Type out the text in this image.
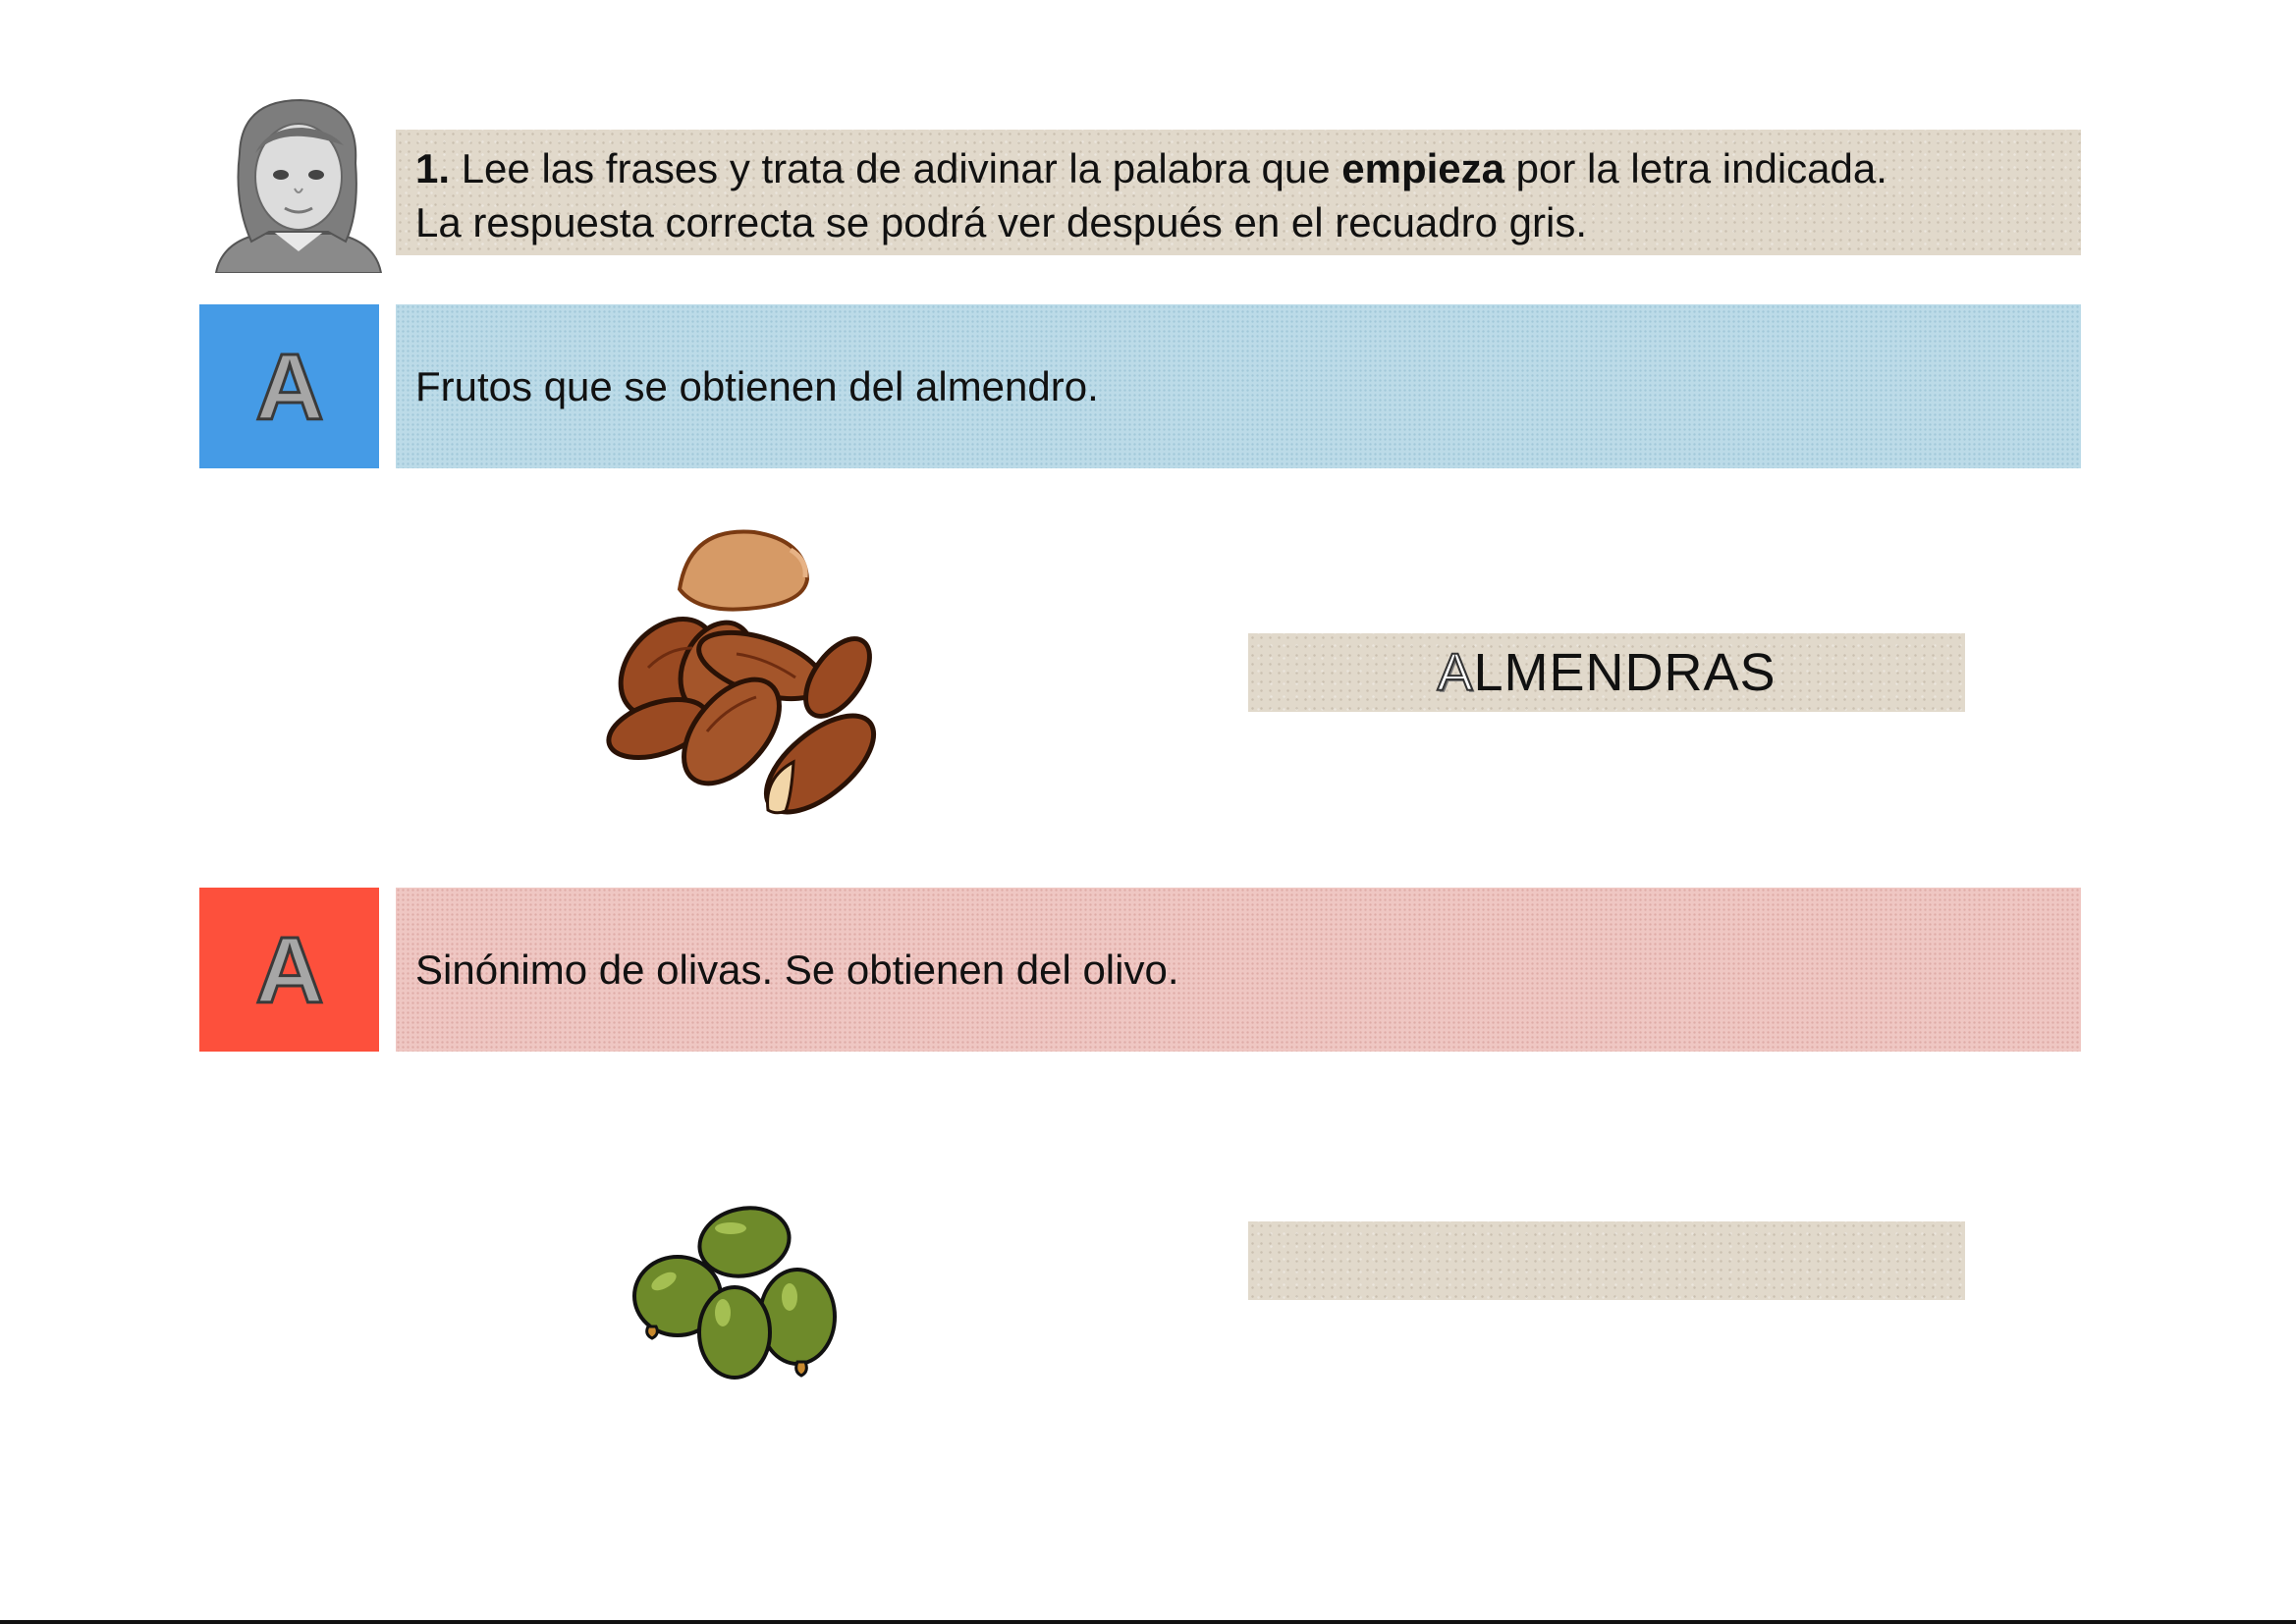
1. Lee las frases y trata de adivinar la palabra que empieza por la letra indicada.
La respuesta correcta se podrá ver después en el recuadro gris.
A Frutos que se obtienen del almendro.
A LMENDRAS
A Sinónimo de olivas. Se obtienen del olivo.
